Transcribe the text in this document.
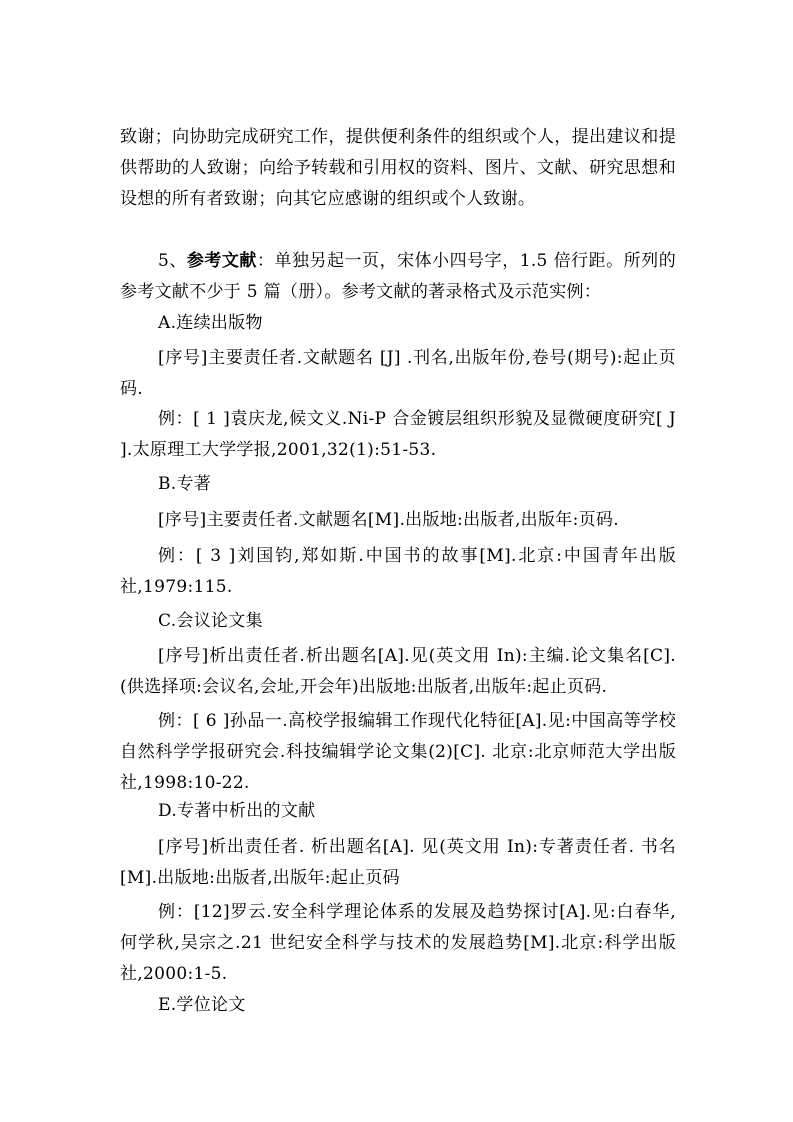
致谢；向协助完成研究工作，提供便利条件的组织或个人，提出建议和提供帮助的人致谢；向给予转载和引用权的资料、图片、文献、研究思想和设想的所有者致谢；向其它应感谢的组织或个人致谢。

5、参考文献：单独另起一页，宋体小四号字，1.5 倍行距。所列的参考文献不少于 5 篇（册）。参考文献的著录格式及示范实例：

A.连续出版物

[序号]主要责任者.文献题名 [J] .刊名,出版年份,卷号(期号):起止页码.

例：[ 1 ]袁庆龙,候文义.Ni-P 合金镀层组织形貌及显微硬度研究[ J ].太原理工大学学报,2001,32(1):51-53.

B.专著

[序号]主要责任者.文献题名[M].出版地:出版者,出版年:页码.

例：[ 3 ]刘国钧,郑如斯.中国书的故事[M].北京:中国青年出版社,1979:115.

C.会议论文集

[序号]析出责任者.析出题名[A].见(英文用 In):主编.论文集名[C].(供选择项:会议名,会址,开会年)出版地:出版者,出版年:起止页码.

例：[ 6 ]孙品一.高校学报编辑工作现代化特征[A].见:中国高等学校自然科学学报研究会.科技编辑学论文集(2)[C]. 北京:北京师范大学出版社,1998:10-22.

D.专著中析出的文献

[序号]析出责任者. 析出题名[A]. 见(英文用 In):专著责任者. 书名[M].出版地:出版者,出版年:起止页码

例：[12]罗云.安全科学理论体系的发展及趋势探讨[A].见:白春华,何学秋,吴宗之.21 世纪安全科学与技术的发展趋势[M].北京:科学出版社,2000:1-5.

E.学位论文
